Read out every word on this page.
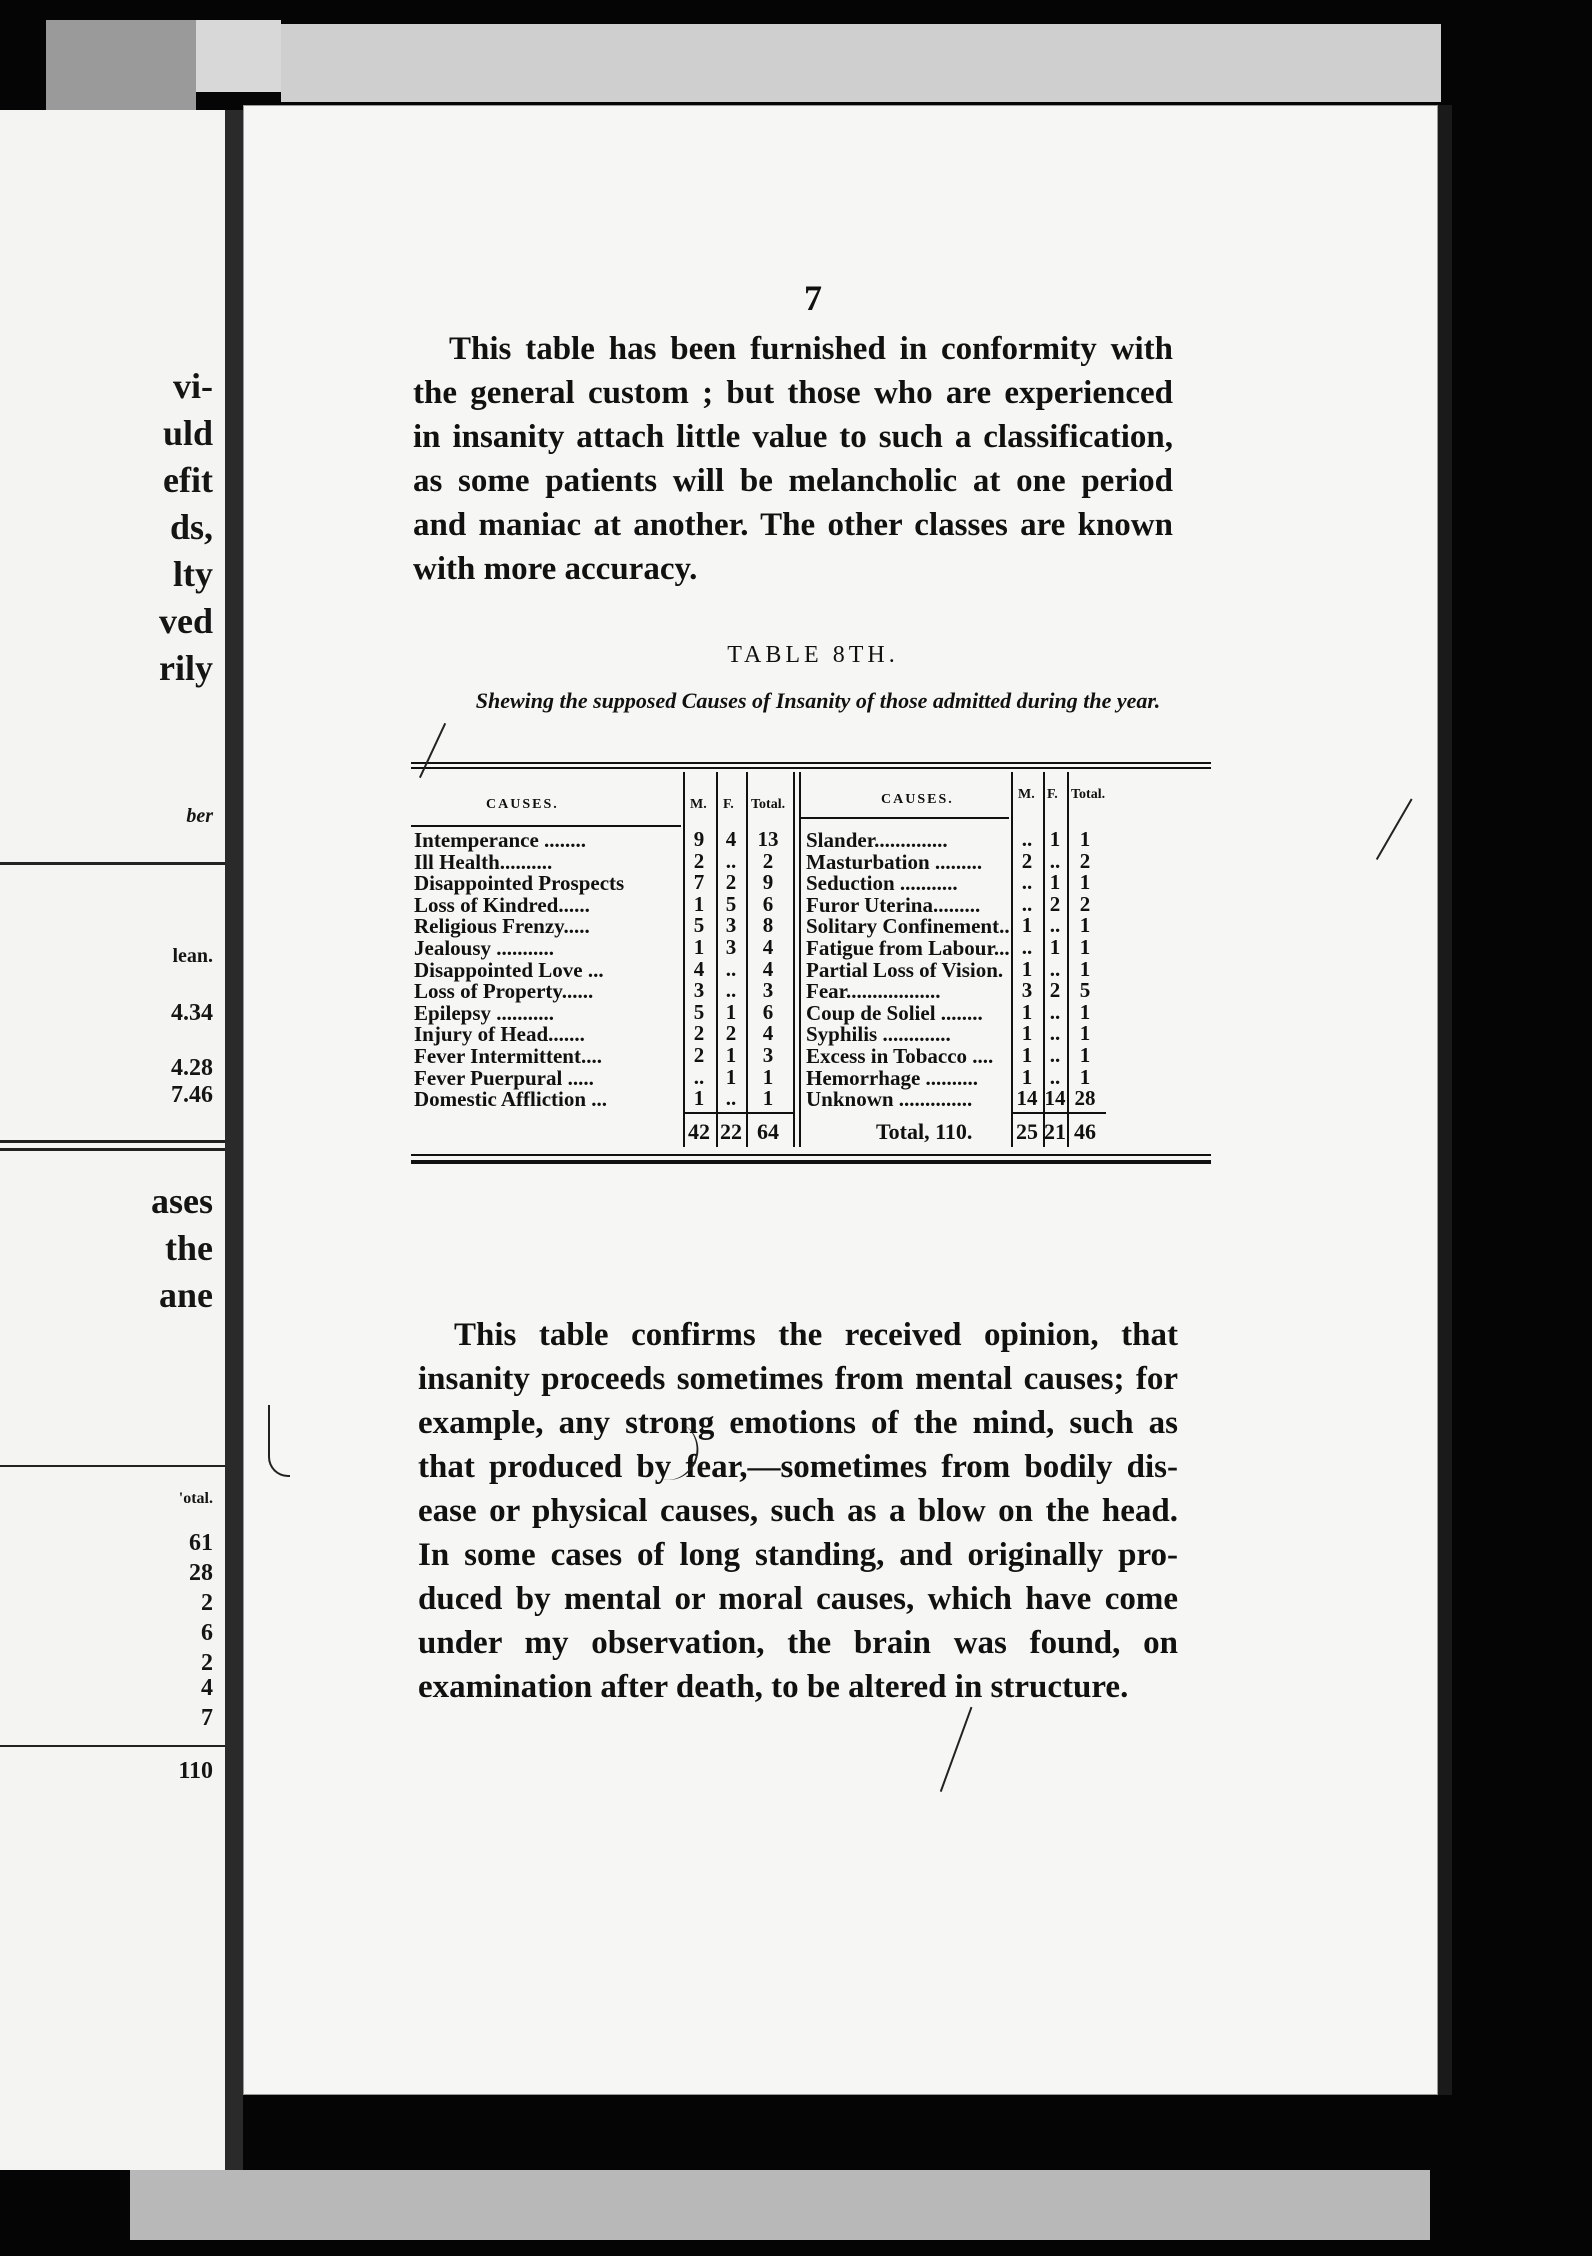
vi-
uld
efit
ds,
lty
ved
rily
ber
lean.
4.34
4.28
7.46
ases
the
ane
'otal.
61
28
2
6
2
4
7
110
7
This table has been furnished in conformity with
the general custom ; but those who are experienced
in insanity attach little value to such a classification,
as some patients will be melancholic at one period
and maniac at another. The other classes are known
with more accuracy.
TABLE 8TH.
Shewing the supposed Causes of Insanity of those admitted during the year.
CAUSES.	M. F. Total.	CAUSES.	M. F. Total.
Intemperance ........	9	4	13
Ill Health..........	2	..	2
Disappointed Prospects	7	2	9
Loss of Kindred......	1	5	6
Religious Frenzy.....	5	3	8
Jealousy ...........	1	3	4
Disappointed Love ...	4	..	4
Loss of Property......	3	..	3
Epilepsy ...........	5	1	6
Injury of Head.......	2	2	4
Fever Intermittent....	2	1	3
Fever Puerpural .....	..	1	1
Domestic Affliction ...	1	..	1
Slander..............	.. 1 1
Masturbation .........	2 .. 2
Seduction ...........	.. 1 1
Furor Uterina.........	.. 2 2
Solitary Confinement.. 1 .. 1
Fatigue from Labour... .. 1 1
Partial Loss of Vision. 1 .. 1
Fear..................	3 2 5
Coup de Soliel ........	1 .. 1
Syphilis .............	1 .. 1
Excess in Tobacco ....	1 .. 1
Hemorrhage ..........	1 .. 1
Unknown .............. 14 14 28
42 22 64	Total, 110. 25 21 46
This table confirms the received opinion, that
insanity proceeds sometimes from mental causes; for
example, any strong emotions of the mind, such as
that produced by fear,—sometimes from bodily dis-
ease or physical causes, such as a blow on the head.
In some cases of long standing, and originally pro-
duced by mental or moral causes, which have come
under my observation, the brain was found, on
examination after death, to be altered in structure.
